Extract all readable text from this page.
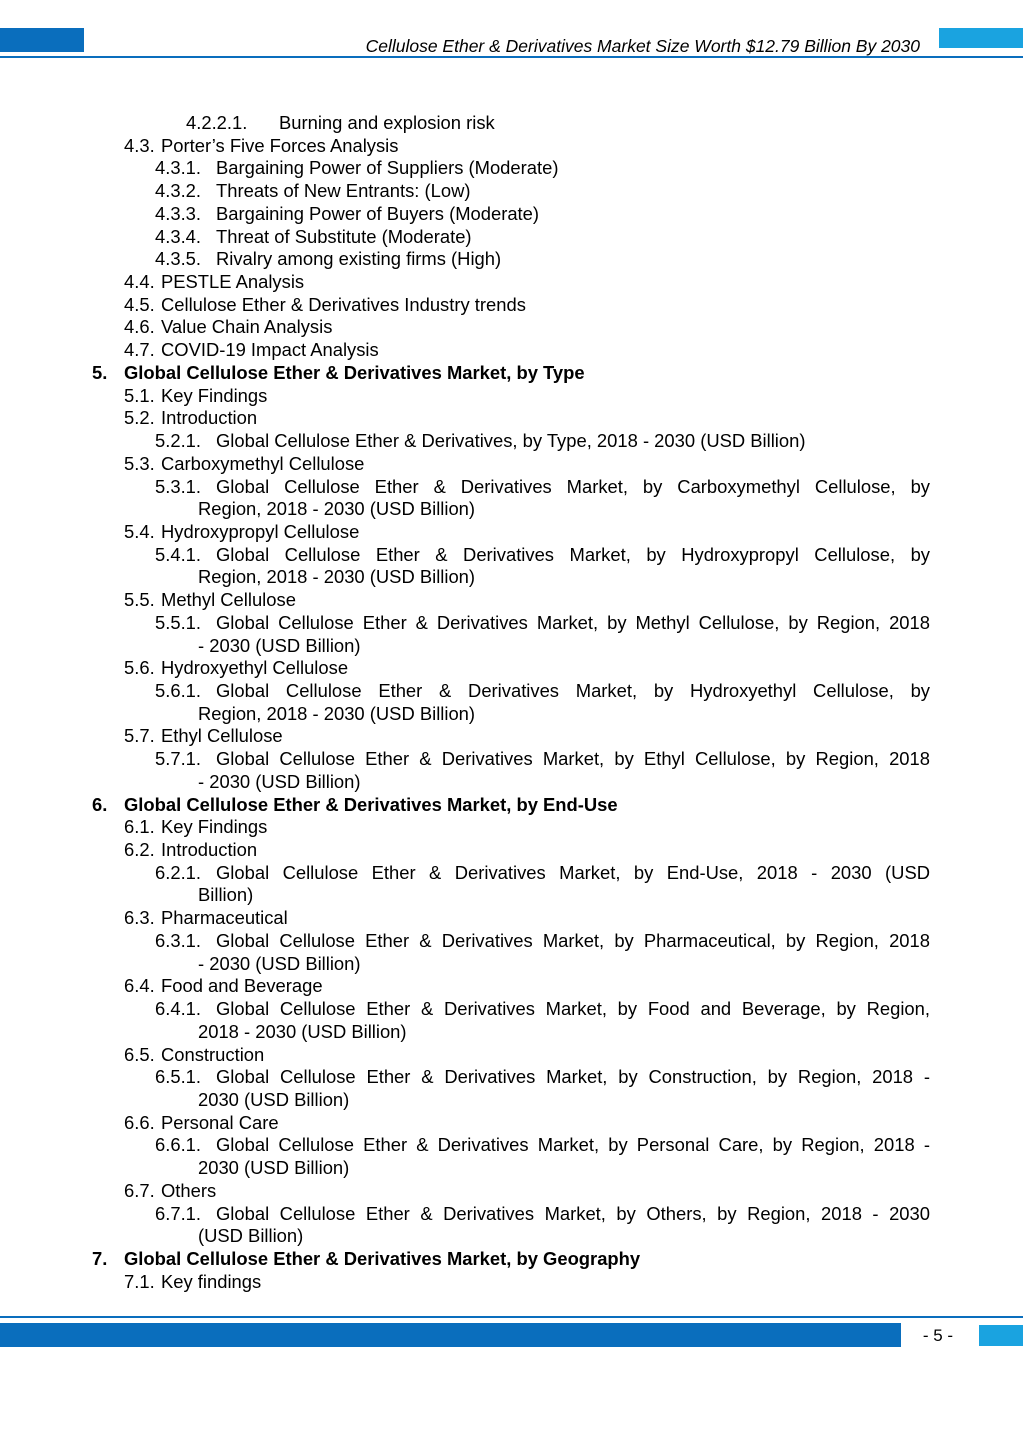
Cellulose Ether & Derivatives Market Size Worth $12.79 Billion By 2030
4.2.2.1. Burning and explosion risk
4.3. Porter’s Five Forces Analysis
4.3.1. Bargaining Power of Suppliers (Moderate)
4.3.2. Threats of New Entrants: (Low)
4.3.3. Bargaining Power of Buyers (Moderate)
4.3.4. Threat of Substitute (Moderate)
4.3.5. Rivalry among existing firms (High)
4.4. PESTLE Analysis
4.5. Cellulose Ether & Derivatives Industry trends
4.6. Value Chain Analysis
4.7. COVID-19 Impact Analysis
5. Global Cellulose Ether & Derivatives Market, by Type
5.1. Key Findings
5.2. Introduction
5.2.1. Global Cellulose Ether & Derivatives, by Type, 2018 - 2030 (USD Billion)
5.3. Carboxymethyl Cellulose
5.3.1. Global Cellulose Ether & Derivatives Market, by Carboxymethyl Cellulose, by
Region, 2018 - 2030 (USD Billion)
5.4. Hydroxypropyl Cellulose
5.4.1. Global Cellulose Ether & Derivatives Market, by Hydroxypropyl Cellulose, by
Region, 2018 - 2030 (USD Billion)
5.5. Methyl Cellulose
5.5.1. Global Cellulose Ether & Derivatives Market, by Methyl Cellulose, by Region, 2018
- 2030 (USD Billion)
5.6. Hydroxyethyl Cellulose
5.6.1. Global Cellulose Ether & Derivatives Market, by Hydroxyethyl Cellulose, by
Region, 2018 - 2030 (USD Billion)
5.7. Ethyl Cellulose
5.7.1. Global Cellulose Ether & Derivatives Market, by Ethyl Cellulose, by Region, 2018
- 2030 (USD Billion)
6. Global Cellulose Ether & Derivatives Market, by End-Use
6.1. Key Findings
6.2. Introduction
6.2.1. Global Cellulose Ether & Derivatives Market, by End-Use, 2018 - 2030 (USD
Billion)
6.3. Pharmaceutical
6.3.1. Global Cellulose Ether & Derivatives Market, by Pharmaceutical, by Region, 2018
- 2030 (USD Billion)
6.4. Food and Beverage
6.4.1. Global Cellulose Ether & Derivatives Market, by Food and Beverage, by Region,
2018 - 2030 (USD Billion)
6.5. Construction
6.5.1. Global Cellulose Ether & Derivatives Market, by Construction, by Region, 2018 -
2030 (USD Billion)
6.6. Personal Care
6.6.1. Global Cellulose Ether & Derivatives Market, by Personal Care, by Region, 2018 -
2030 (USD Billion)
6.7. Others
6.7.1. Global Cellulose Ether & Derivatives Market, by Others, by Region, 2018 - 2030
(USD Billion)
7. Global Cellulose Ether & Derivatives Market, by Geography
7.1. Key findings
- 5 -
